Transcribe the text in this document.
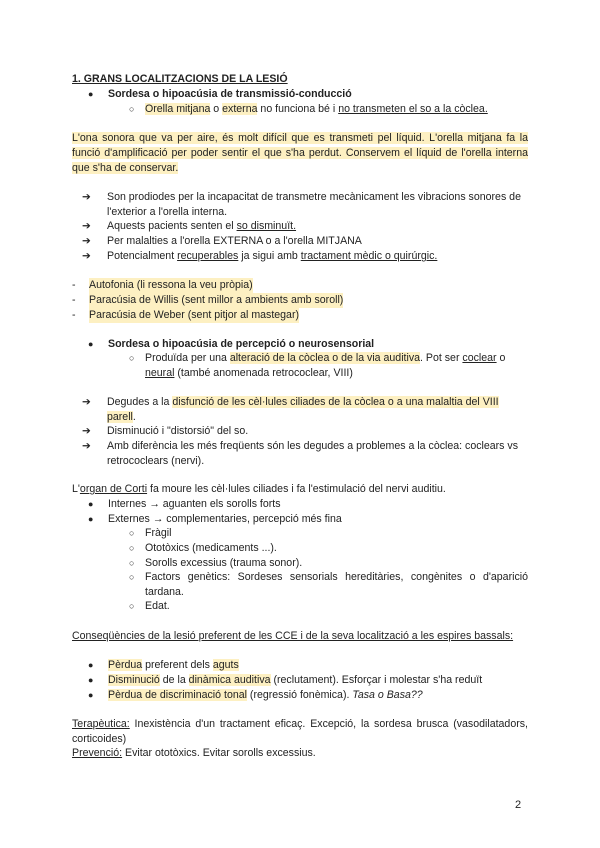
1. GRANS LOCALITZACIONS DE LA LESIÓ
● Sordesa o hipoacúsia de transmissió-conducció
○ Orella mitjana o externa no funciona bé i no transmeten el so a la còclea.
L'ona sonora que va per aire, és molt difícil que es transmeti pel líquid. L'orella mitjana fa la funció d'amplificació per poder sentir el que s'ha perdut. Conservem el líquid de l'orella interna que s'ha de conservar.
➔ Son prodiodes per la incapacitat de transmetre mecànicament les vibracions sonores de l'exterior a l'orella interna.
➔ Aquests pacients senten el so disminuït.
➔ Per malalties a l'orella EXTERNA o a l'orella MITJANA
➔ Potencialment recuperables ja sigui amb tractament mèdic o quirúrgic.
- Autofonia (li ressona la veu pròpia)
- Paracúsia de Willis (sent millor a ambients amb soroll)
- Paracúsia de Weber (sent pitjor al mastegar)
● Sordesa o hipoacúsia de percepció o neurosensorial
○ Produïda per una alteració de la còclea o de la via auditiva. Pot ser coclear o neural (també anomenada retrococlear, VIII)
➔ Degudes a la disfunció de les cèl·lules ciliades de la còclea o a una malaltia del VIII parell.
➔ Disminució i "distorsió" del so.
➔ Amb diferència les més freqüents són les degudes a problemes a la còclea: coclears vs retrococlears (nervi).
L'organ de Corti fa moure les cèl·lules ciliades i fa l'estimulació del nervi auditiu.
● Internes → aguanten els sorolls forts
● Externes → complementaries, percepció més fina
○ Fràgil
○ Ototòxics (medicaments ...).
○ Sorolls excessius (trauma sonor).
○ Factors genètics: Sordeses sensorials hereditàries, congènites o d'aparició tardana.
○ Edat.
Conseqüències de la lesió preferent de les CCE i de la seva localització a les espires bassals:
● Pèrdua preferent dels aguts
● Disminució de la dinàmica auditiva (reclutament). Esforçar i molestar s'ha reduït
● Pèrdua de discriminació tonal (regressió fonèmica). Tasa o Basa??
Terapèutica: Inexistència d'un tractament eficaç. Excepció, la sordesa brusca (vasodilatadors, corticoides)
Prevenció: Evitar ototòxics. Evitar sorolls excessius.
2
